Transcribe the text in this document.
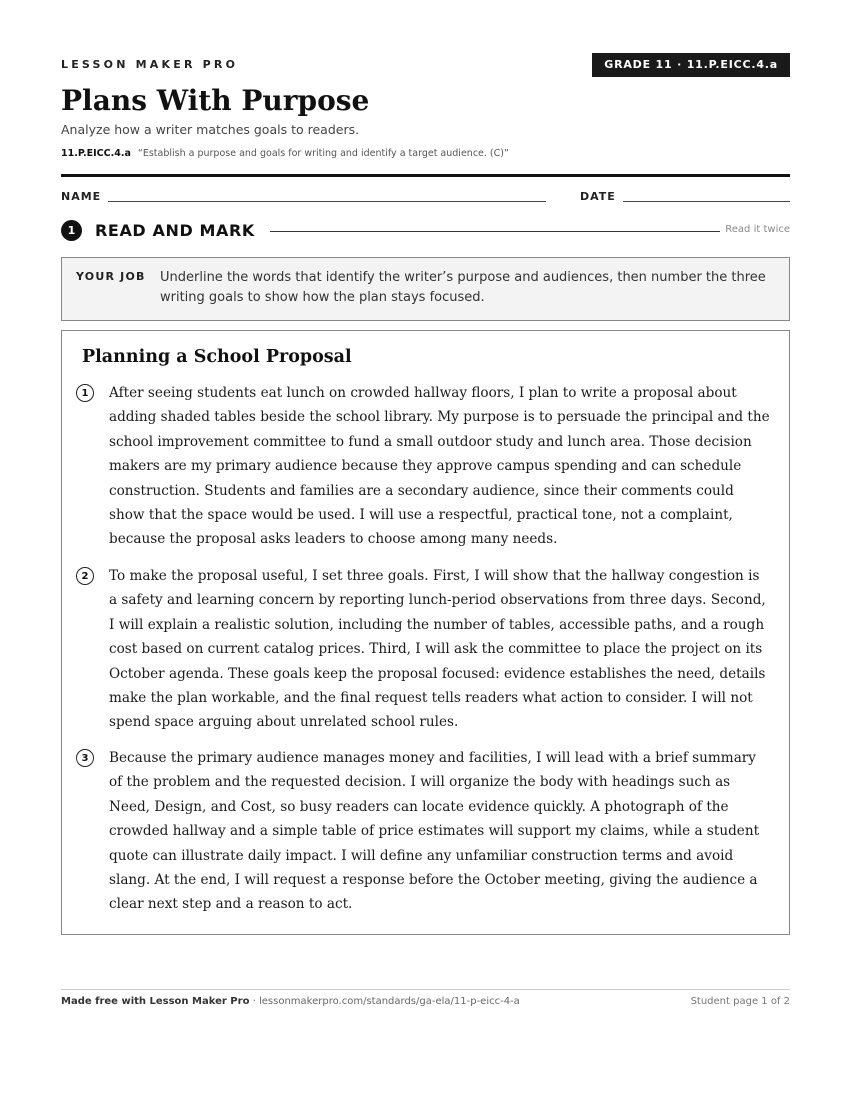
LESSON MAKER PRO	GRADE 11 · 11.P.EICC.4.a
Plans With Purpose
Analyze how a writer matches goals to readers.
11.P.EICC.4.a “Establish a purpose and goals for writing and identify a target audience. (C)”
NAME	DATE
1	READ AND MARK	Read it twice
YOUR JOB Underline the words that identify the writer’s purpose and audiences, then number the three writing goals to show how the plan stays focused.
Planning a School Proposal
1	After seeing students eat lunch on crowded hallway floors, I plan to write a proposal about adding shaded tables beside the school library. My purpose is to persuade the principal and the school improvement committee to fund a small outdoor study and lunch area. Those decision makers are my primary audience because they approve campus spending and can schedule construction. Students and families are a secondary audience, since their comments could show that the space would be used. I will use a respectful, practical tone, not a complaint, because the proposal asks leaders to choose among many needs.
2	To make the proposal useful, I set three goals. First, I will show that the hallway congestion is a safety and learning concern by reporting lunch-period observations from three days. Second, I will explain a realistic solution, including the number of tables, accessible paths, and a rough cost based on current catalog prices. Third, I will ask the committee to place the project on its October agenda. These goals keep the proposal focused: evidence establishes the need, details make the plan workable, and the final request tells readers what action to consider. I will not spend space arguing about unrelated school rules.
3	Because the primary audience manages money and facilities, I will lead with a brief summary of the problem and the requested decision. I will organize the body with headings such as Need, Design, and Cost, so busy readers can locate evidence quickly. A photograph of the crowded hallway and a simple table of price estimates will support my claims, while a student quote can illustrate daily impact. I will define any unfamiliar construction terms and avoid slang. At the end, I will request a response before the October meeting, giving the audience a clear next step and a reason to act.
Made free with Lesson Maker Pro · lessonmakerpro.com/standards/ga-ela/11-p-eicc-4-a	Student page 1 of 2
